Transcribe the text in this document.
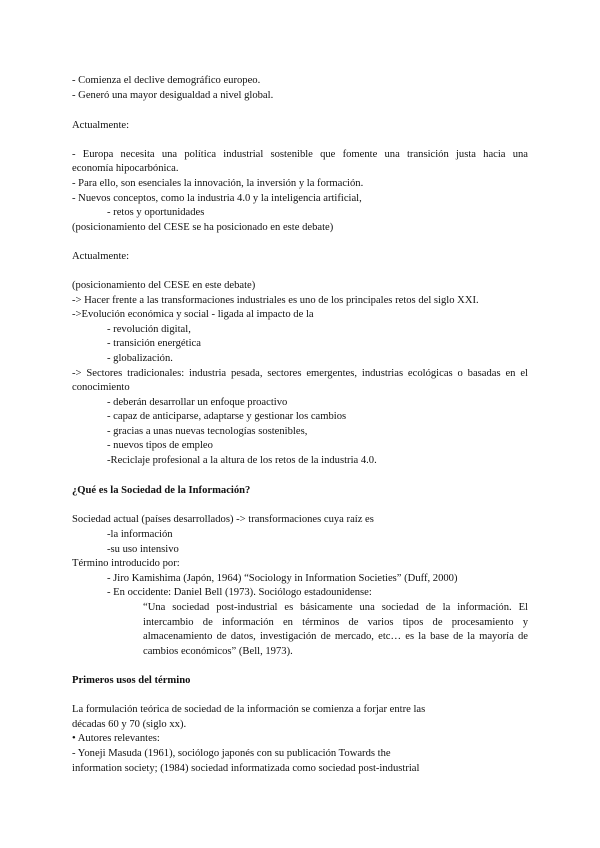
- Comienza el declive demográfico europeo.
- Generó una mayor desigualdad a nivel global.
Actualmente:
- Europa necesita una política industrial sostenible que fomente una transición justa hacia una
economía hipocarbónica.
- Para ello, son esenciales la innovación, la inversión y la formación.
- Nuevos conceptos, como la industria 4.0 y la inteligencia artificial,
- retos y oportunidades
(posicionamiento del CESE se ha posicionado en este debate)
Actualmente:
(posicionamiento del CESE en este debate)
-> Hacer frente a las transformaciones industriales es uno de los principales retos del siglo XXI.
->Evolución económica y social - ligada al impacto de la
- revolución digital,
- transición energética
- globalización.
-> Sectores tradicionales: industria pesada, sectores emergentes, industrias ecológicas o basadas en el
conocimiento
- deberán desarrollar un enfoque proactivo
- capaz de anticiparse, adaptarse y gestionar los cambios
- gracias a unas nuevas tecnologías sostenibles,
- nuevos tipos de empleo
-Reciclaje profesional a la altura de los retos de la industria 4.0.
¿Qué es la Sociedad de la Información?
Sociedad actual (países desarrollados) -> transformaciones cuya raíz es
-la información
-su uso intensivo
Término introducido por:
- Jiro Kamishima (Japón, 1964) “Sociology in Information Societies” (Duff, 2000)
- En occidente: Daniel Bell (1973). Sociólogo estadounidense:
“Una sociedad post-industrial es básicamente una sociedad de la información. El
intercambio de información en términos de varios tipos de procesamiento y
almacenamiento de datos, investigación de mercado, etc… es la base de la mayoría de
cambios económicos” (Bell, 1973).
Primeros usos del término
La formulación teórica de sociedad de la información se comienza a forjar entre las
décadas 60 y 70 (siglo xx).
• Autores relevantes:
- Yoneji Masuda (1961), sociólogo japonés con su publicación Towards the
information society; (1984) sociedad informatizada como sociedad post-industrial
